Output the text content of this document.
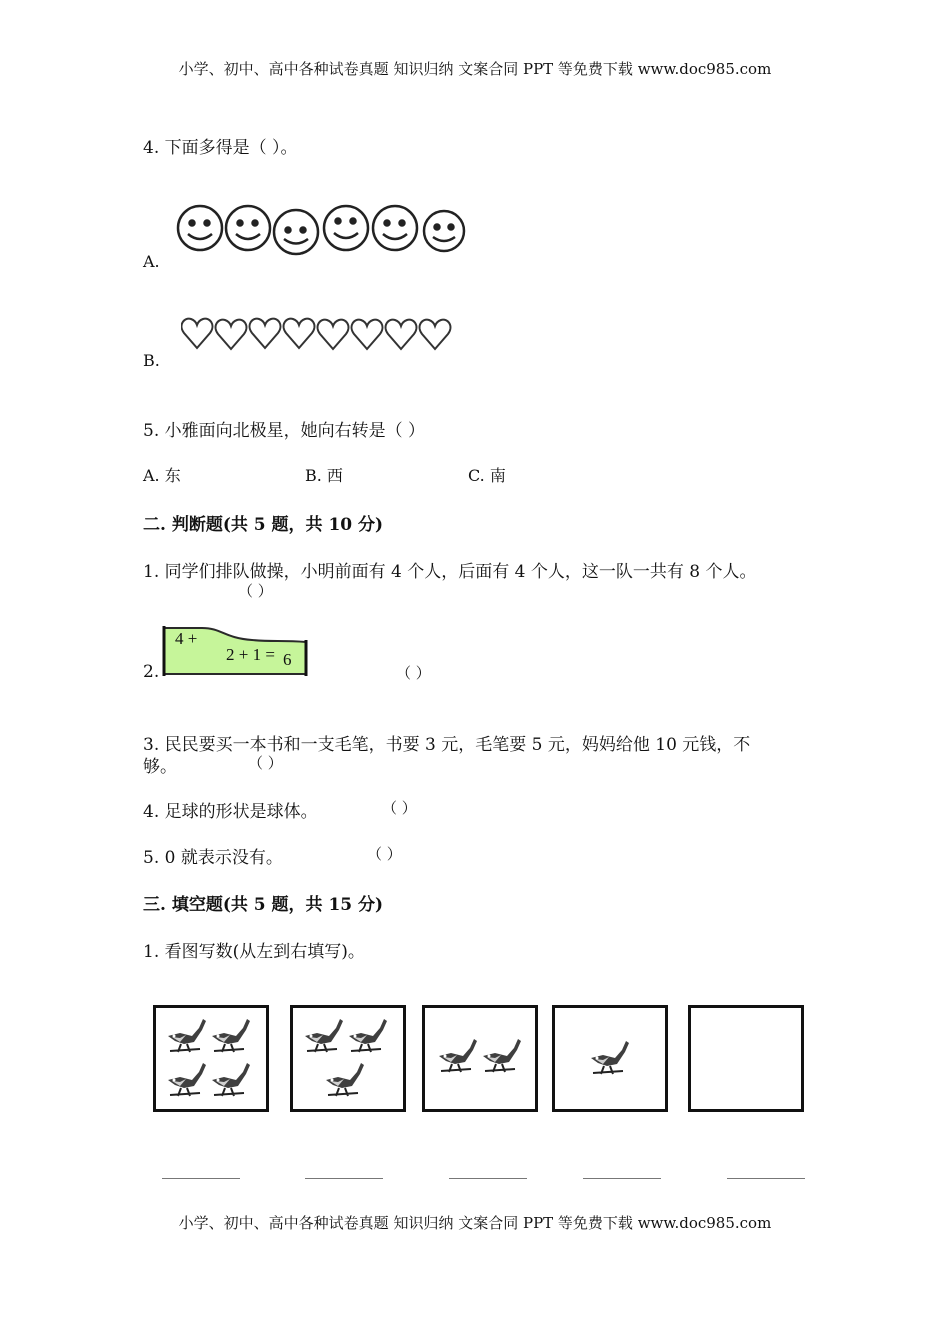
小学、初中、高中各种试卷真题 知识归纳 文案合同 PPT 等免费下载 www.doc985.com
4. 下面多得是（ ）。
A.
B.
5. 小雅面向北极星，她向右转是（ ）
A. 东	B. 西	C. 南
二. 判断题(共 5 题，共 10 分)
1. 同学们排队做操，小明前面有 4 个人，后面有 4 个人，这一队一共有 8 个人。
（ ）
2.
4 +
2 + 1 = 6
（ ）
3. 民民要买一本书和一支毛笔，书要 3 元，毛笔要 5 元，妈妈给他 10 元钱，不
够。	（ ）
4. 足球的形状是球体。	（ ）
5. 0 就表示没有。	（ ）
三. 填空题(共 5 题，共 15 分)
1. 看图写数(从左到右填写)。
小学、初中、高中各种试卷真题 知识归纳 文案合同 PPT 等免费下载 www.doc985.com
